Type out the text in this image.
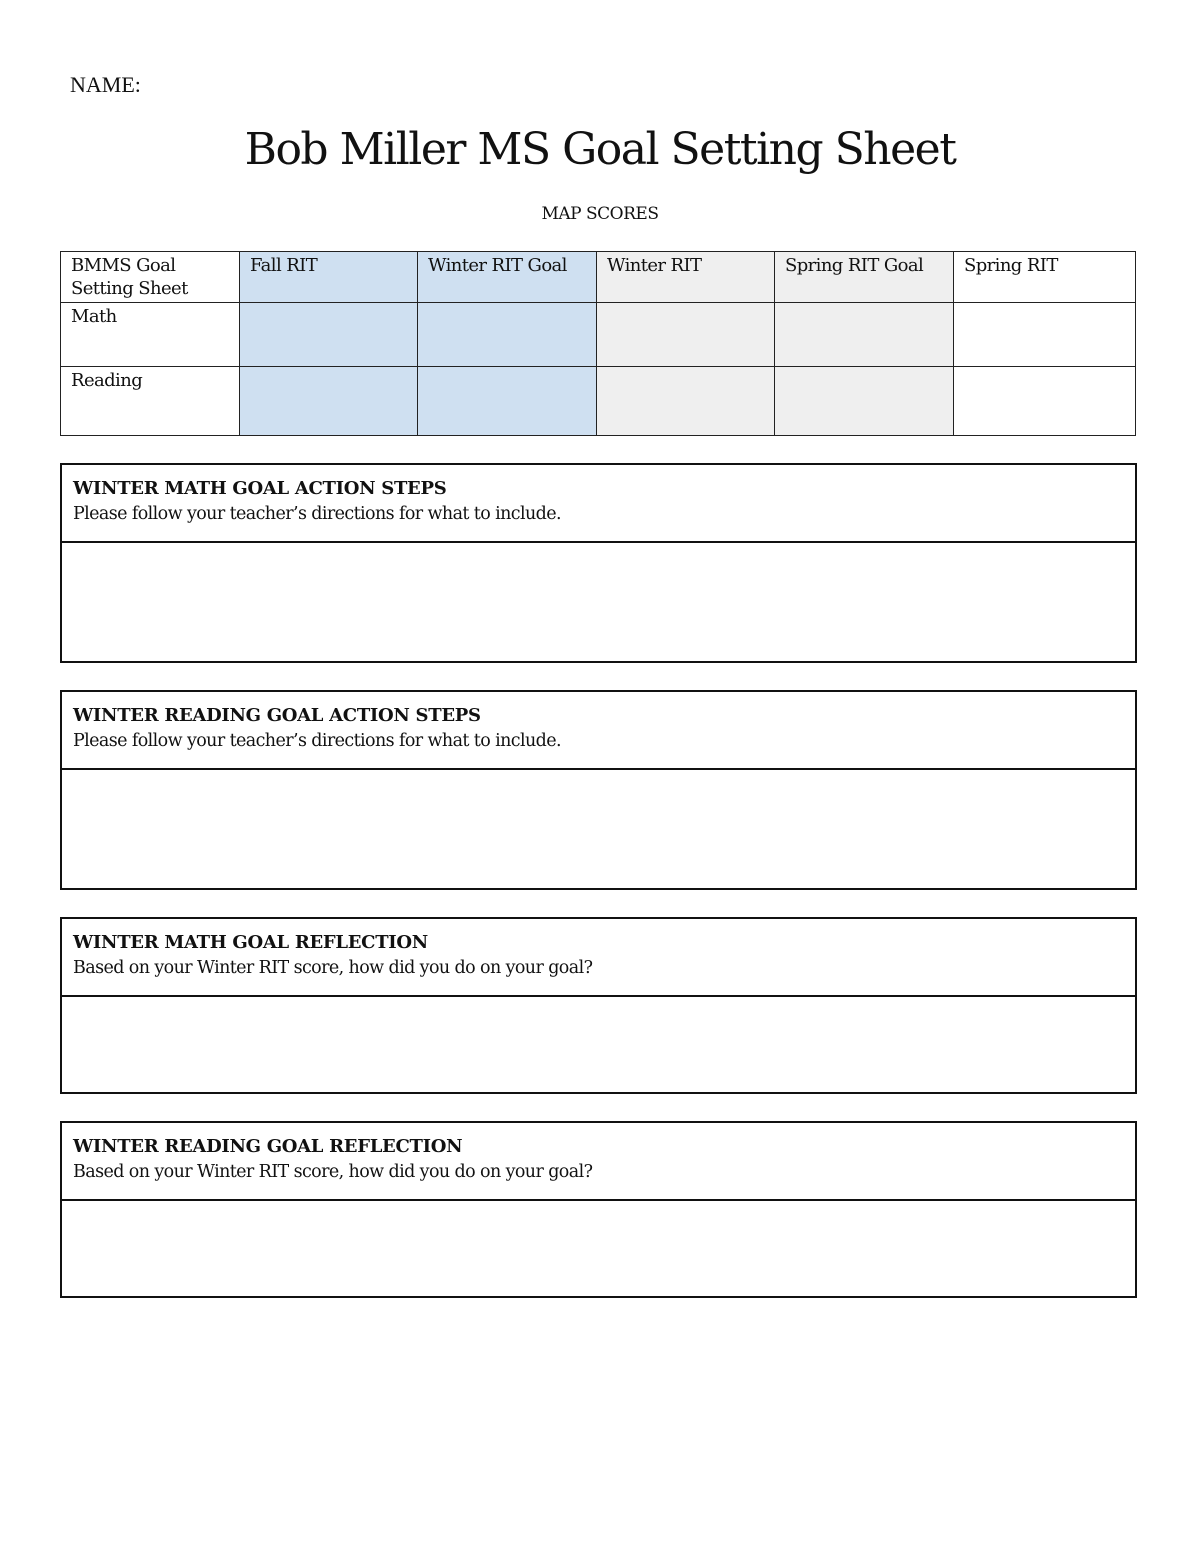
NAME:
Bob Miller MS Goal Setting Sheet
MAP SCORES
BMMS Goal Setting Sheet	Fall RIT	Winter RIT Goal	Winter RIT	Spring RIT Goal	Spring RIT
Math					
Reading					
WINTER MATH GOAL ACTION STEPS
Please follow your teacher’s directions for what to include.
WINTER READING GOAL ACTION STEPS
Please follow your teacher’s directions for what to include.
WINTER MATH GOAL REFLECTION
Based on your Winter RIT score, how did you do on your goal?
WINTER READING GOAL REFLECTION
Based on your Winter RIT score, how did you do on your goal?
